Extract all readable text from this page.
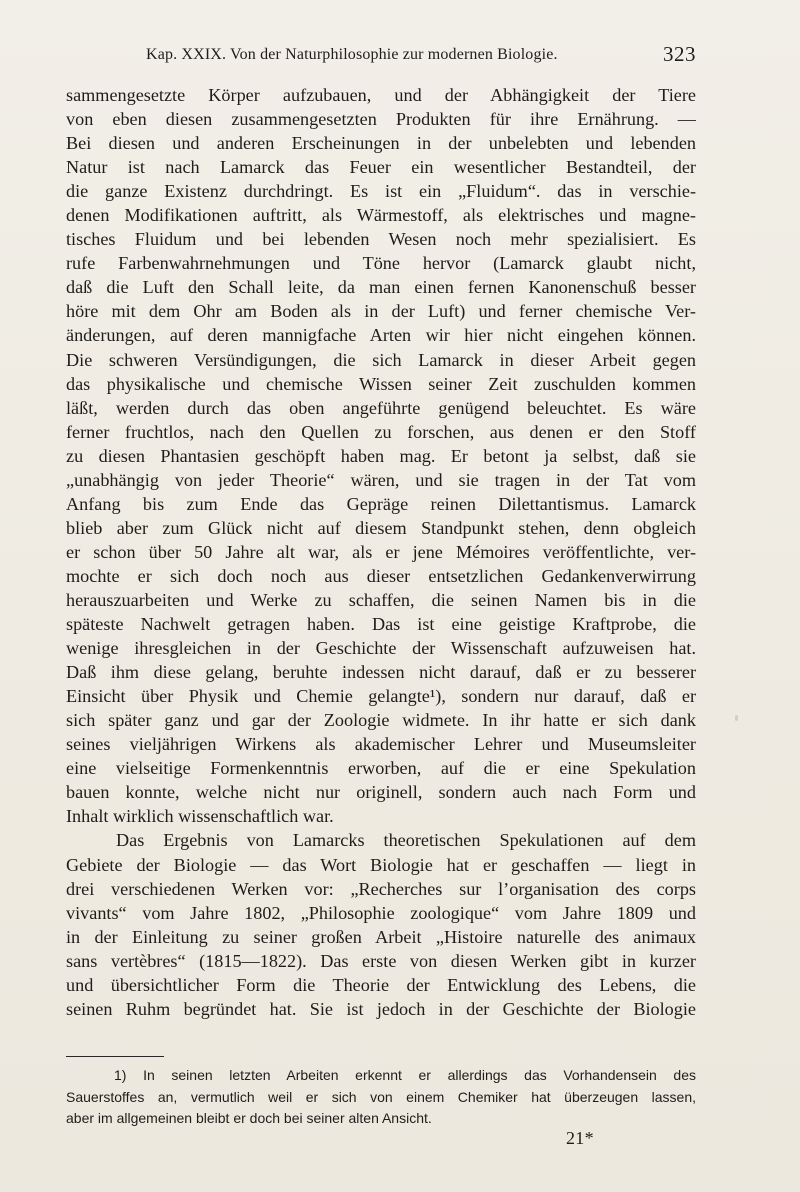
Kap. XXIX. Von der Naturphilosophie zur modernen Biologie.	323
sammengesetzte Körper aufzubauen, und der Abhängigkeit der Tiere
von eben diesen zusammengesetzten Produkten für ihre Ernährung. —
Bei diesen und anderen Erscheinungen in der unbelebten und lebenden
Natur ist nach Lamarck das Feuer ein wesentlicher Bestandteil, der
die ganze Existenz durchdringt. Es ist ein „Fluidum“. das in verschie-
denen Modifikationen auftritt, als Wärmestoff, als elektrisches und magne-
tisches Fluidum und bei lebenden Wesen noch mehr spezialisiert. Es
rufe Farbenwahrnehmungen und Töne hervor (Lamarck glaubt nicht,
daß die Luft den Schall leite, da man einen fernen Kanonenschuß besser
höre mit dem Ohr am Boden als in der Luft) und ferner chemische Ver-
änderungen, auf deren mannigfache Arten wir hier nicht eingehen können.
Die schweren Versündigungen, die sich Lamarck in dieser Arbeit gegen
das physikalische und chemische Wissen seiner Zeit zuschulden kommen
läßt, werden durch das oben angeführte genügend beleuchtet. Es wäre
ferner fruchtlos, nach den Quellen zu forschen, aus denen er den Stoff
zu diesen Phantasien geschöpft haben mag. Er betont ja selbst, daß sie
„unabhängig von jeder Theorie“ wären, und sie tragen in der Tat vom
Anfang bis zum Ende das Gepräge reinen Dilettantismus. Lamarck
blieb aber zum Glück nicht auf diesem Standpunkt stehen, denn obgleich
er schon über 50 Jahre alt war, als er jene Mémoires veröffentlichte, ver-
mochte er sich doch noch aus dieser entsetzlichen Gedankenverwirrung
herauszuarbeiten und Werke zu schaffen, die seinen Namen bis in die
späteste Nachwelt getragen haben. Das ist eine geistige Kraftprobe, die
wenige ihresgleichen in der Geschichte der Wissenschaft aufzuweisen hat.
Daß ihm diese gelang, beruhte indessen nicht darauf, daß er zu besserer
Einsicht über Physik und Chemie gelangte¹), sondern nur darauf, daß er
sich später ganz und gar der Zoologie widmete. In ihr hatte er sich dank
seines vieljährigen Wirkens als akademischer Lehrer und Museumsleiter
eine vielseitige Formenkenntnis erworben, auf die er eine Spekulation
bauen konnte, welche nicht nur originell, sondern auch nach Form und
Inhalt wirklich wissenschaftlich war.
Das Ergebnis von Lamarcks theoretischen Spekulationen auf dem
Gebiete der Biologie — das Wort Biologie hat er geschaffen — liegt in
drei verschiedenen Werken vor: „Recherches sur l’organisation des corps
vivants“ vom Jahre 1802, „Philosophie zoologique“ vom Jahre 1809 und
in der Einleitung zu seiner großen Arbeit „Histoire naturelle des animaux
sans vertèbres“ (1815—1822). Das erste von diesen Werken gibt in kurzer
und übersichtlicher Form die Theorie der Entwicklung des Lebens, die
seinen Ruhm begründet hat. Sie ist jedoch in der Geschichte der Biologie
1) In seinen letzten Arbeiten erkennt er allerdings das Vorhandensein des
Sauerstoffes an, vermutlich weil er sich von einem Chemiker hat überzeugen lassen,
aber im allgemeinen bleibt er doch bei seiner alten Ansicht.
21*
